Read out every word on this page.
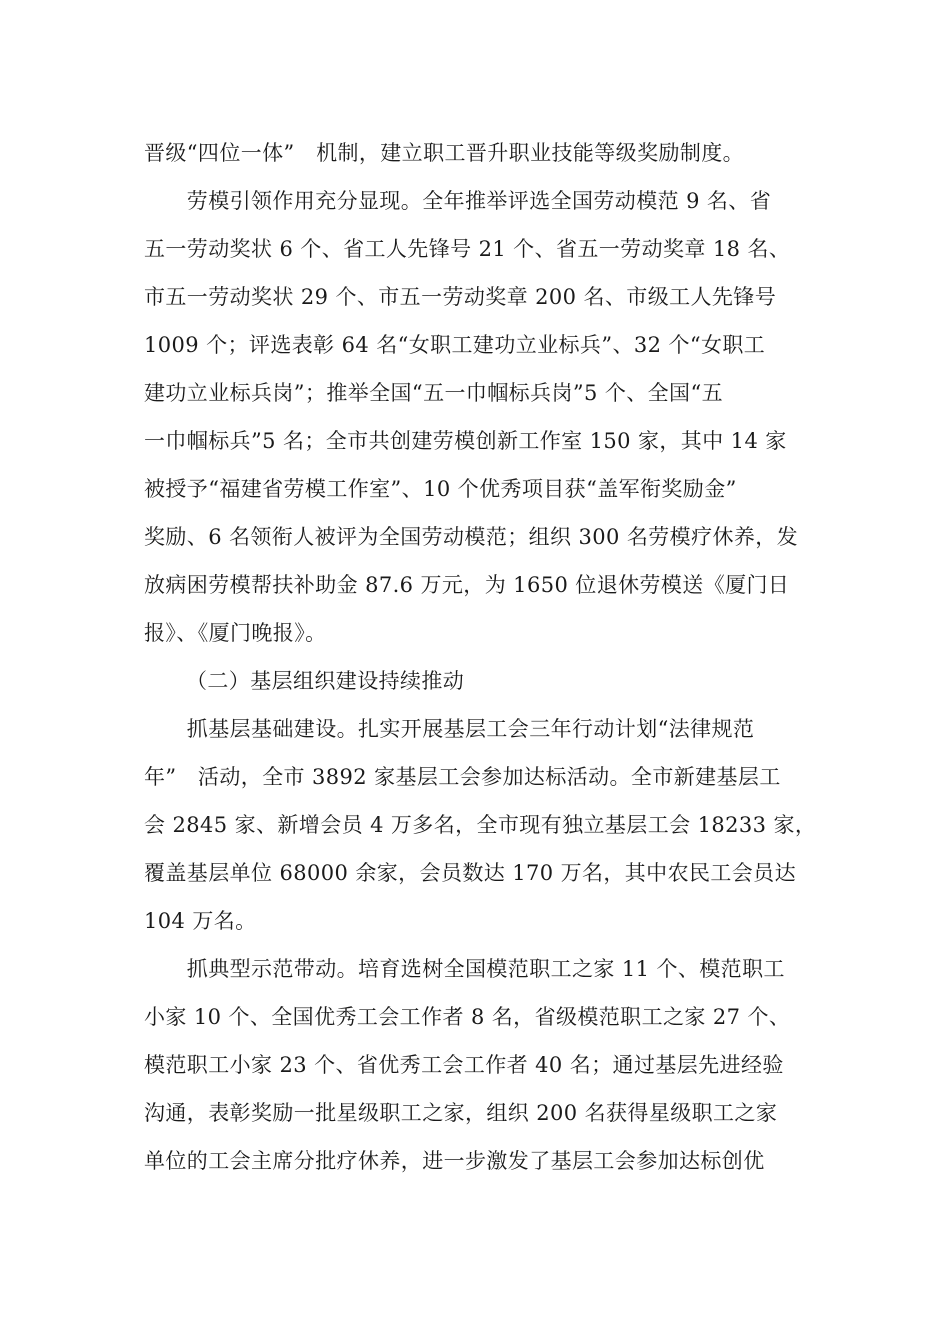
晋级“四位一体”　机制，建立职工晋升职业技能等级奖励制度。
　　劳模引领作用充分显现。全年推举评选全国劳动模范 9 名、省
五一劳动奖状 6 个、省工人先锋号 21 个、省五一劳动奖章 18 名、
市五一劳动奖状 29 个、市五一劳动奖章 200 名、市级工人先锋号
1009 个；评选表彰 64 名“女职工建功立业标兵”、32 个“女职工
建功立业标兵岗”；推举全国“五一巾帼标兵岗”5 个、全国“五
一巾帼标兵”5 名；全市共创建劳模创新工作室 150 家，其中 14 家
被授予“福建省劳模工作室”、10 个优秀项目获“盖军衔奖励金”
奖励、6 名领衔人被评为全国劳动模范；组织 300 名劳模疗休养，发
放病困劳模帮扶补助金 87.6 万元，为 1650 位退休劳模送《厦门日
报》、《厦门晚报》。
（二）基层组织建设持续推动
　　抓基层基础建设。扎实开展基层工会三年行动计划“法律规范
年”　活动，全市 3892 家基层工会参加达标活动。全市新建基层工
会 2845 家、新增会员 4 万多名，全市现有独立基层工会 18233 家，
覆盖基层单位 68000 余家，会员数达 170 万名，其中农民工会员达
104 万名。
　　抓典型示范带动。培育选树全国模范职工之家 11 个、模范职工
小家 10 个、全国优秀工会工作者 8 名，省级模范职工之家 27 个、
模范职工小家 23 个、省优秀工会工作者 40 名；通过基层先进经验
沟通，表彰奖励一批星级职工之家，组织 200 名获得星级职工之家
单位的工会主席分批疗休养，进一步激发了基层工会参加达标创优
